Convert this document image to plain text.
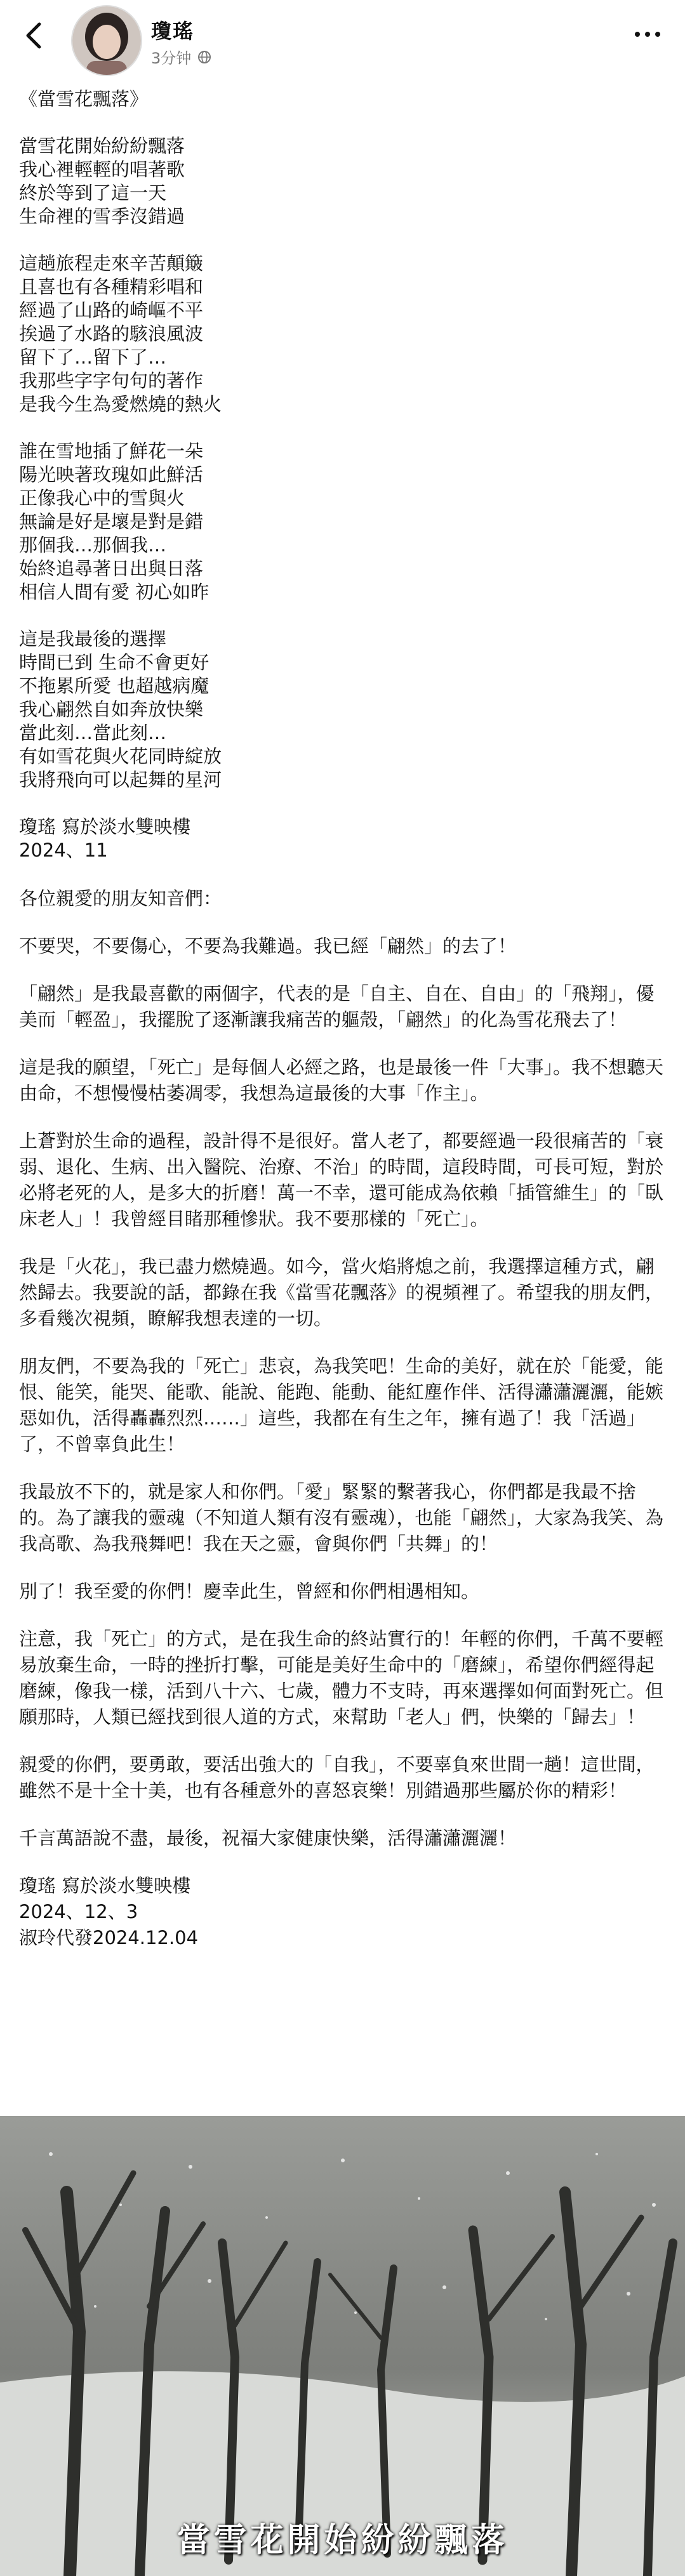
瓊瑤
3分钟

《當雪花飄落》

當雪花開始紛紛飄落

我心裡輕輕的唱著歌

終於等到了這一天

生命裡的雪季沒錯過

這趟旅程走來辛苦顛簸

且喜也有各種精彩唱和

經過了山路的崎嶇不平

挨過了水路的駭浪風波

留下了…留下了…

我那些字字句句的著作

是我今生為愛燃燒的熱火

誰在雪地插了鮮花一朵

陽光映著玫瑰如此鮮活

正像我心中的雪與火

無論是好是壞是對是錯

那個我…那個我…

始終追尋著日出與日落

相信人間有愛 初心如昨

這是我最後的選擇

時間已到 生命不會更好

不拖累所愛 也超越病魔

我心翩然自如奔放快樂

當此刻…當此刻…

有如雪花與火花同時綻放

我將飛向可以起舞的星河

瓊瑤 寫於淡水雙映樓

2024、11

各位親愛的朋友知音們：

不要哭，不要傷心，不要為我難過。我已經「翩然」的去了！

「翩然」是我最喜歡的兩個字，代表的是「自主、自在、自由」的「飛翔」，優美而「輕盈」，我擺脫了逐漸讓我痛苦的軀殼，「翩然」的化為雪花飛去了！

這是我的願望，「死亡」是每個人必經之路，也是最後一件「大事」。我不想聽天由命，不想慢慢枯萎凋零，我想為這最後的大事「作主」。

上蒼對於生命的過程，設計得不是很好。當人老了，都要經過一段很痛苦的「衰弱、退化、生病、出入醫院、治療、不治」的時間，這段時間，可長可短，對於必將老死的人，是多大的折磨！萬一不幸，還可能成為依賴「插管維生」的「臥床老人」！我曾經目睹那種慘狀。我不要那樣的「死亡」。

我是「火花」，我已盡力燃燒過。如今，當火焰將熄之前，我選擇這種方式，翩然歸去。我要說的話，都錄在我《當雪花飄落》的視頻裡了。希望我的朋友們，多看幾次視頻，瞭解我想表達的一切。

朋友們，不要為我的「死亡」悲哀，為我笑吧！生命的美好，就在於「能愛，能恨、能笑，能哭、能歌、能說、能跑、能動、能紅塵作伴、活得瀟瀟灑灑，能嫉惡如仇，活得轟轟烈烈……」這些，我都在有生之年，擁有過了！我「活過」了，不曾辜負此生！

我最放不下的，就是家人和你們。「愛」緊緊的繫著我心，你們都是我最不捨的。為了讓我的靈魂（不知道人類有沒有靈魂），也能「翩然」，大家為我笑、為我高歌、為我飛舞吧！我在天之靈，會與你們「共舞」的！

別了！我至愛的你們！慶幸此生，曾經和你們相遇相知。

注意，我「死亡」的方式，是在我生命的終站實行的！年輕的你們，千萬不要輕易放棄生命，一時的挫折打擊，可能是美好生命中的「磨練」，希望你們經得起磨練，像我一樣，活到八十六、七歲，體力不支時，再來選擇如何面對死亡。但願那時，人類已經找到很人道的方式，來幫助「老人」們，快樂的「歸去」！

親愛的你們，要勇敢，要活出強大的「自我」，不要辜負來世間一趟！這世間，雖然不是十全十美，也有各種意外的喜怒哀樂！別錯過那些屬於你的精彩！

千言萬語說不盡，最後，祝福大家健康快樂，活得瀟瀟灑灑！

瓊瑤 寫於淡水雙映樓

2024、12、3

淑玲代發2024.12.04

當雪花開始紛紛飄落
